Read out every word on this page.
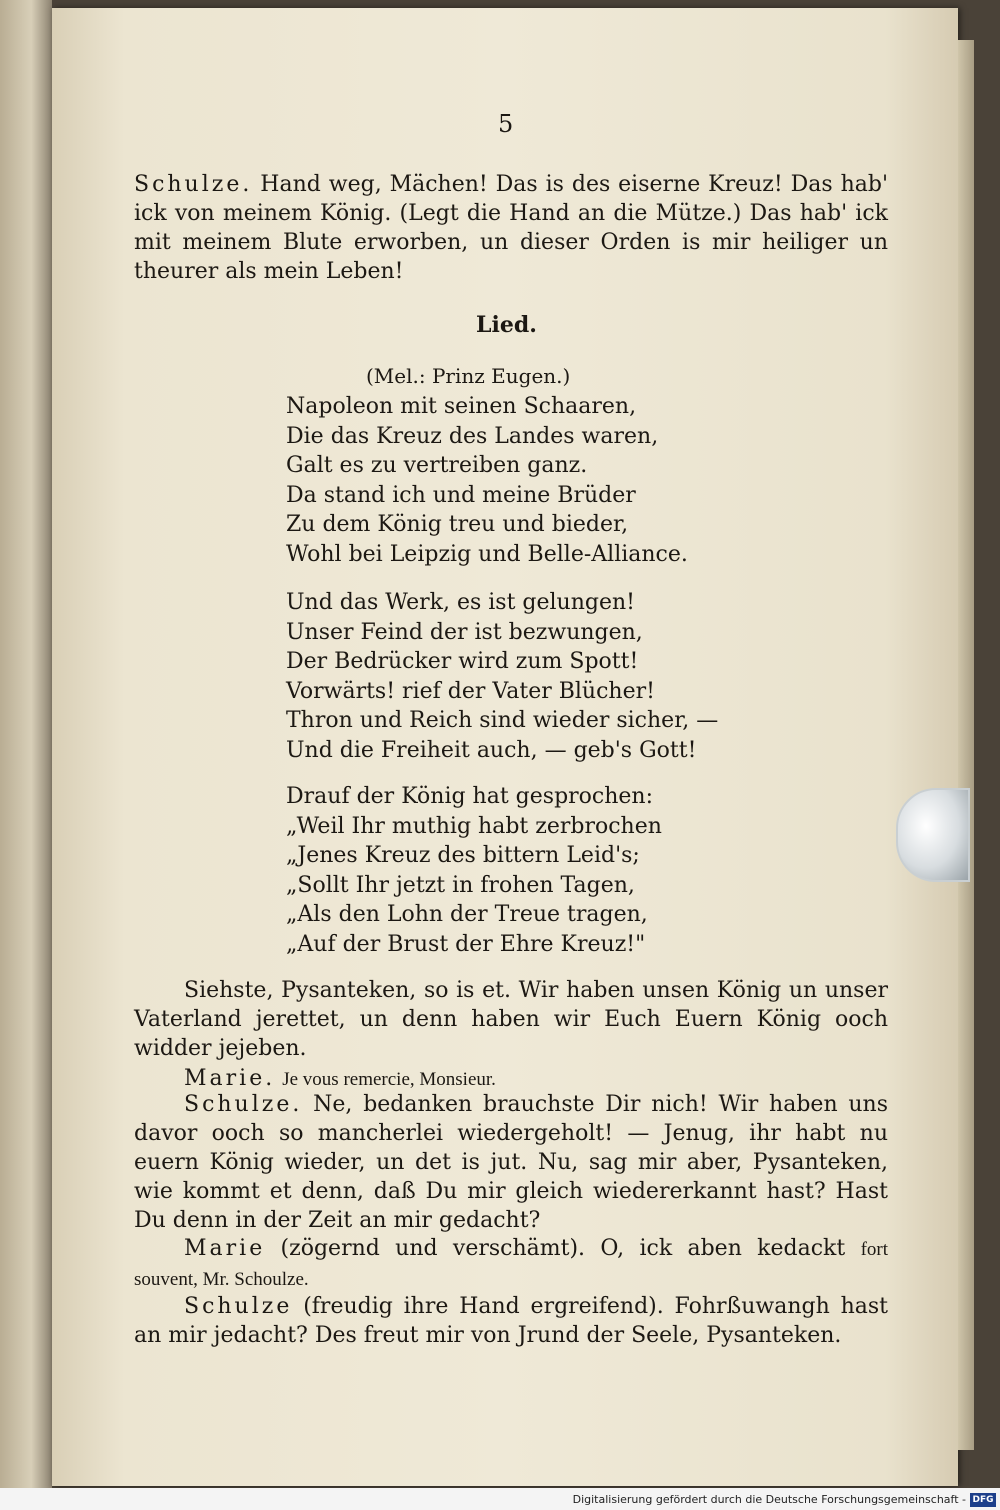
5
Schulze. Hand weg, Mächen! Das is des eiserne Kreuz! Das hab' ick von meinem König. (Legt die Hand an die Mütze.) Das hab' ick mit meinem Blute erworben, un dieser Orden is mir heiliger un theurer als mein Leben!
Lied.
(Mel.: Prinz Eugen.)
Napoleon mit seinen Schaaren,
Die das Kreuz des Landes waren,
Galt es zu vertreiben ganz.
Da stand ich und meine Brüder
Zu dem König treu und bieder,
Wohl bei Leipzig und Belle-Alliance.
Und das Werk, es ist gelungen!
Unser Feind der ist bezwungen,
Der Bedrücker wird zum Spott!
Vorwärts! rief der Vater Blücher!
Thron und Reich sind wieder sicher, —
Und die Freiheit auch, — geb's Gott!
Drauf der König hat gesprochen:
„Weil Ihr muthig habt zerbrochen
„Jenes Kreuz des bittern Leid's;
„Sollt Ihr jetzt in frohen Tagen,
„Als den Lohn der Treue tragen,
„Auf der Brust der Ehre Kreuz!"
Siehste, Pysanteken, so is et. Wir haben unsen König un unser Vaterland jerettet, un denn haben wir Euch Euern König ooch widder jejeben.
Marie. Je vous remercie, Monsieur.
Schulze. Ne, bedanken brauchste Dir nich! Wir haben uns davor ooch so mancherlei wiedergeholt! — Jenug, ihr habt nu euern König wieder, un det is jut. Nu, sag mir aber, Pysanteken, wie kommt et denn, daß Du mir gleich wiedererkannt hast? Hast Du denn in der Zeit an mir gedacht?
Marie (zögernd und verschämt). O, ick aben kedackt fort souvent, Mr. Schoulze.
Schulze (freudig ihre Hand ergreifend). Fohrßuwangh hast an mir jedacht? Des freut mir von Jrund der Seele, Pysanteken.
Digitalisierung gefördert durch die Deutsche Forschungsgemeinschaft - DFG
